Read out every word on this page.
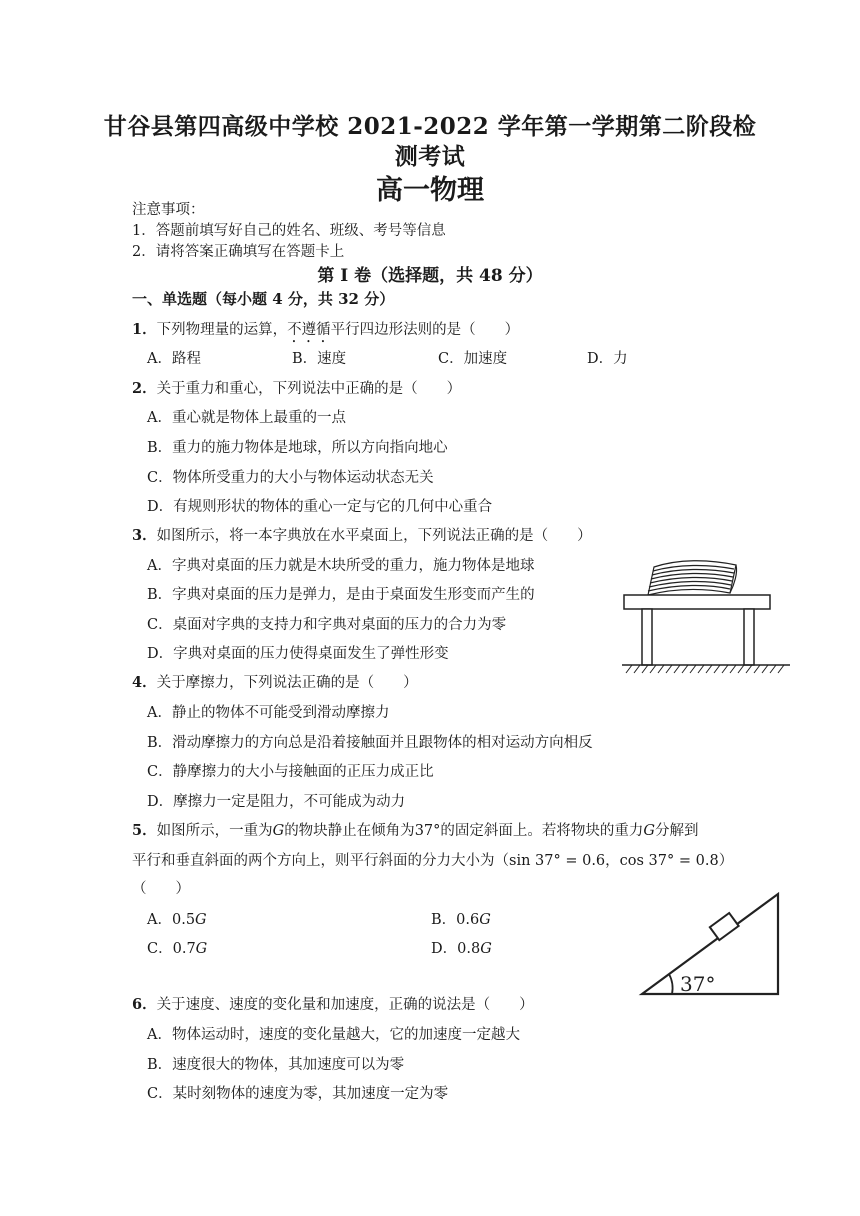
甘谷县第四高级中学校 2021-2022 学年第一学期第二阶段检
测考试
高一物理
注意事项：
1．答题前填写好自己的姓名、班级、考号等信息
2．请将答案正确填写在答题卡上
第 I 卷（选择题，共 48 分）
一、单选题（每小题 4 分，共 32 分）
1．下列物理量的运算，不遵循平行四边形法则的是（　　）
A．路程	B．速度	C．加速度	D．力
2．关于重力和重心，下列说法中正确的是（　　）
A．重心就是物体上最重的一点
B．重力的施力物体是地球，所以方向指向地心
C．物体所受重力的大小与物体运动状态无关
D．有规则形状的物体的重心一定与它的几何中心重合
3．如图所示，将一本字典放在水平桌面上，下列说法正确的是（　　）
A．字典对桌面的压力就是木块所受的重力，施力物体是地球
B．字典对桌面的压力是弹力，是由于桌面发生形变而产生的
C．桌面对字典的支持力和字典对桌面的压力的合力为零
D．字典对桌面的压力使得桌面发生了弹性形变
4．关于摩擦力，下列说法正确的是（　　）
A．静止的物体不可能受到滑动摩擦力
B．滑动摩擦力的方向总是沿着接触面并且跟物体的相对运动方向相反
C．静摩擦力的大小与接触面的正压力成正比
D．摩擦力一定是阻力，不可能成为动力
5．如图所示，一重为G的物块静止在倾角为37°的固定斜面上。若将物块的重力G分解到
平行和垂直斜面的两个方向上，则平行斜面的分力大小为（sin 37° = 0.6，cos 37° = 0.8）
（　　）
A．0.5G	B．0.6G
C．0.7G	D．0.8G
37°
6．关于速度、速度的变化量和加速度，正确的说法是（　　）
A．物体运动时，速度的变化量越大，它的加速度一定越大
B．速度很大的物体，其加速度可以为零
C．某时刻物体的速度为零，其加速度一定为零
